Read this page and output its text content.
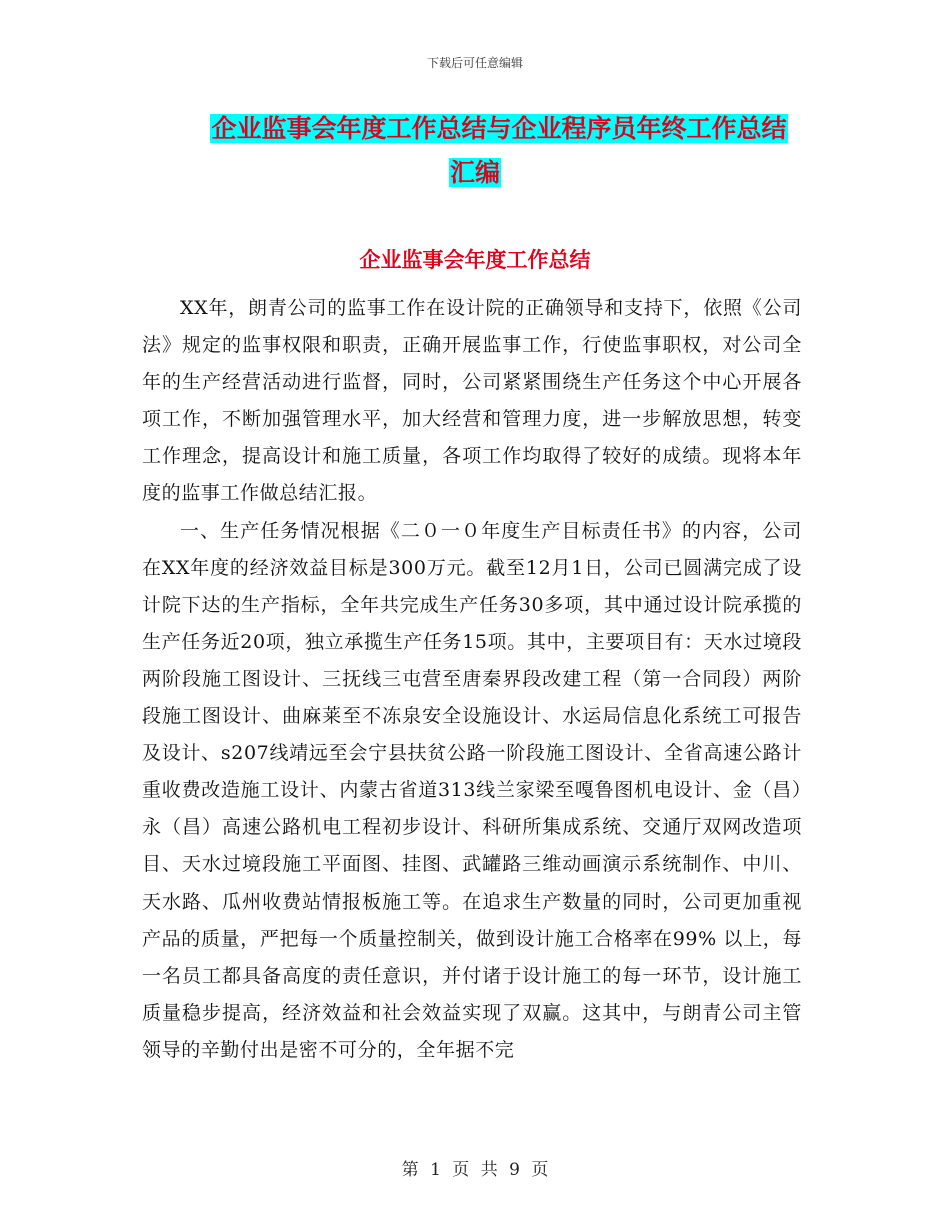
下载后可任意编辑
企业监事会年度工作总结与企业程序员年终工作总结
汇编
企业监事会年度工作总结

XX年，朗青公司的监事工作在设计院的正确领导和支持下，依照《公司法》规定的监事权限和职责，正确开展监事工作，行使监事职权，对公司全年的生产经营活动进行监督，同时，公司紧紧围绕生产任务这个中心开展各项工作，不断加强管理水平，加大经营和管理力度，进一步解放思想，转变工作理念，提高设计和施工质量，各项工作均取得了较好的成绩。现将本年度的监事工作做总结汇报。

一、生产任务情况根据《二０一０年度生产目标责任书》的内容，公司在XX年度的经济效益目标是300万元。截至12月1日，公司已圆满完成了设计院下达的生产指标，全年共完成生产任务30多项，其中通过设计院承揽的生产任务近20项，独立承揽生产任务15项。其中，主要项目有：天水过境段两阶段施工图设计、三抚线三屯营至唐秦界段改建工程（第一合同段）两阶段施工图设计、曲麻莱至不冻泉安全设施设计、水运局信息化系统工可报告及设计、s207线靖远至会宁县扶贫公路一阶段施工图设计、全省高速公路计重收费改造施工设计、内蒙古省道313线兰家梁至嘎鲁图机电设计、金（昌）永（昌）高速公路机电工程初步设计、科研所集成系统、交通厅双网改造项目、天水过境段施工平面图、挂图、武罐路三维动画演示系统制作、中川、天水路、瓜州收费站情报板施工等。在追求生产数量的同时，公司更加重视产品的质量，严把每一个质量控制关，做到设计施工合格率在99% 以上，每一名员工都具备高度的责任意识，并付诸于设计施工的每一环节，设计施工质量稳步提高，经济效益和社会效益实现了双赢。这其中，与朗青公司主管领导的辛勤付出是密不可分的，全年据不完

第 1 页 共 9 页
